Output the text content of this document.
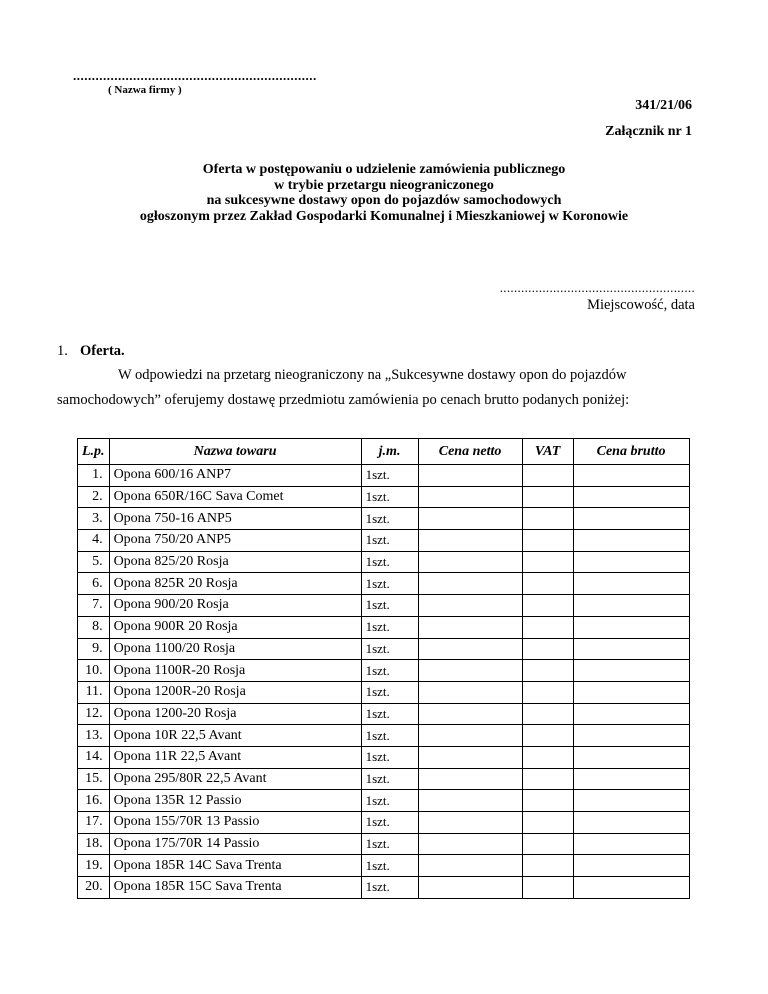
.................................................................
( Nazwa firmy )
341/21/06
Załącznik nr 1
Oferta w postępowaniu o udzielenie zamówienia publicznego
w trybie przetargu nieograniczonego
na sukcesywne dostawy opon do pojazdów samochodowych
ogłoszonym przez Zakład Gospodarki Komunalnej i Mieszkaniowej w Koronowie
.......................................................
Miejscowość, data
1. Oferta.
W odpowiedzi na przetarg nieograniczony na „Sukcesywne dostawy opon do pojazdów
samochodowych” oferujemy dostawę przedmiotu zamówienia po cenach brutto podanych poniżej:
L.p.	Nazwa towaru	j.m.	Cena netto	VAT	Cena brutto
1.	Opona 600/16 ANP7	1szt.			
2.	Opona 650R/16C Sava Comet	1szt.			
3.	Opona 750-16 ANP5	1szt.			
4.	Opona 750/20 ANP5	1szt.			
5.	Opona 825/20 Rosja	1szt.			
6.	Opona 825R 20 Rosja	1szt.			
7.	Opona 900/20 Rosja	1szt.			
8.	Opona 900R 20 Rosja	1szt.			
9.	Opona 1100/20 Rosja	1szt.			
10.	Opona 1100R-20 Rosja	1szt.			
11.	Opona 1200R-20 Rosja	1szt.			
12.	Opona 1200-20 Rosja	1szt.			
13.	Opona 10R 22,5 Avant	1szt.			
14.	Opona 11R 22,5 Avant	1szt.			
15.	Opona 295/80R 22,5 Avant	1szt.			
16.	Opona 135R 12 Passio	1szt.			
17.	Opona 155/70R 13 Passio	1szt.			
18.	Opona 175/70R 14 Passio	1szt.			
19.	Opona 185R 14C Sava Trenta	1szt.			
20.	Opona 185R 15C Sava Trenta	1szt.			
